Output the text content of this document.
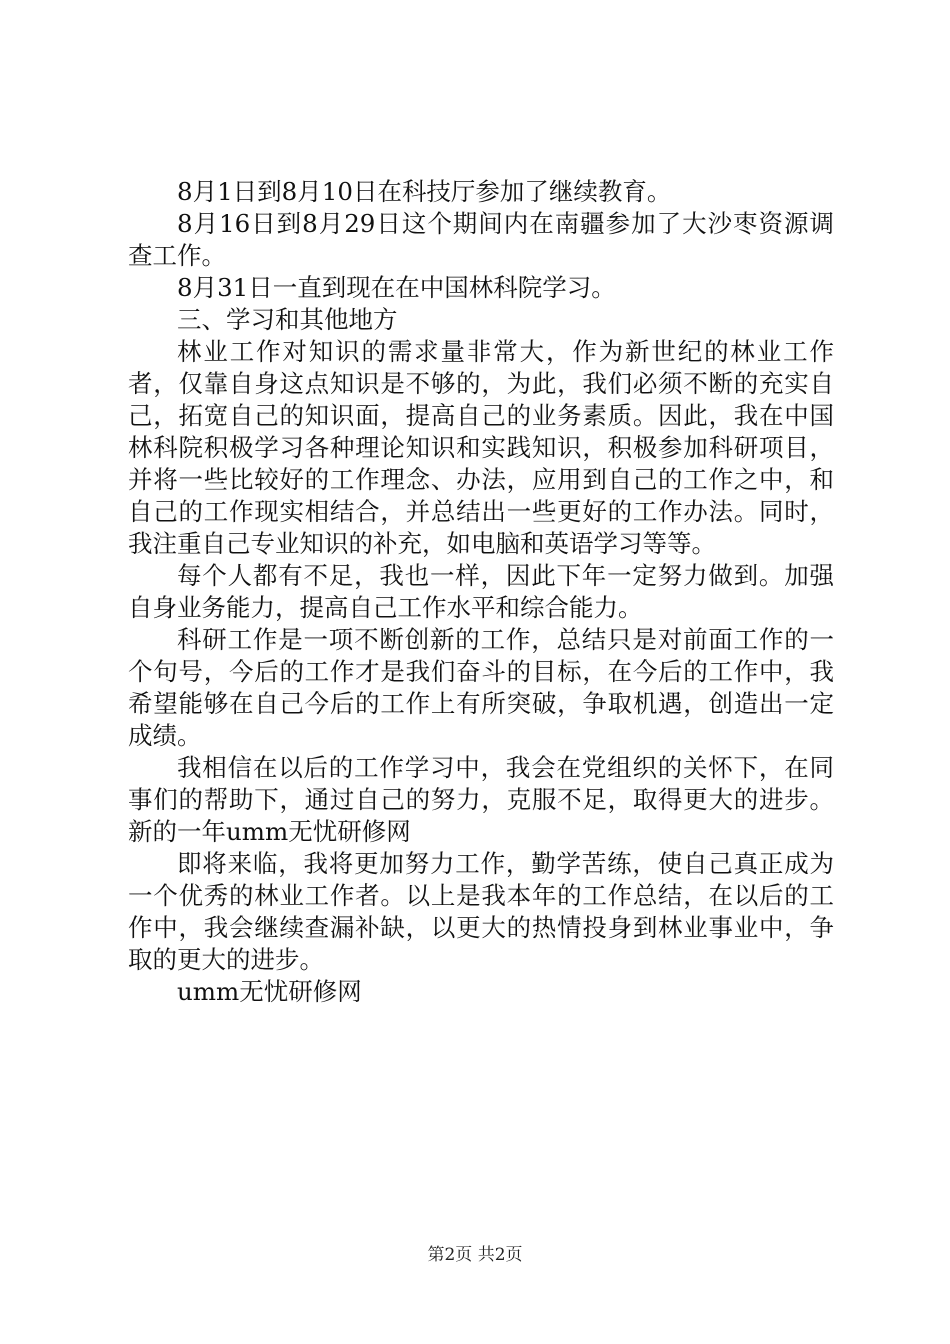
8月1日到8月10日在科技厅参加了继续教育。

8月16日到8月29日这个期间内在南疆参加了大沙枣资源调查工作。

8月31日一直到现在在中国林科院学习。

三、学习和其他地方

林业工作对知识的需求量非常大，作为新世纪的林业工作者，仅靠自身这点知识是不够的，为此，我们必须不断的充实自己，拓宽自己的知识面，提高自己的业务素质。因此，我在中国林科院积极学习各种理论知识和实践知识，积极参加科研项目，并将一些比较好的工作理念、办法，应用到自己的工作之中，和自己的工作现实相结合，并总结出一些更好的工作办法。同时，我注重自己专业知识的补充，如电脑和英语学习等等。

每个人都有不足，我也一样，因此下年一定努力做到。加强自身业务能力，提高自己工作水平和综合能力。

科研工作是一项不断创新的工作，总结只是对前面工作的一个句号，今后的工作才是我们奋斗的目标，在今后的工作中，我希望能够在自己今后的工作上有所突破，争取机遇，创造出一定成绩。

我相信在以后的工作学习中，我会在党组织的关怀下，在同事们的帮助下，通过自己的努力，克服不足，取得更大的进步。新的一年umm无忧研修网

即将来临，我将更加努力工作，勤学苦练，使自己真正成为一个优秀的林业工作者。以上是我本年的工作总结，在以后的工作中，我会继续查漏补缺，以更大的热情投身到林业事业中，争取的更大的进步。

umm无忧研修网

第2页 共2页
